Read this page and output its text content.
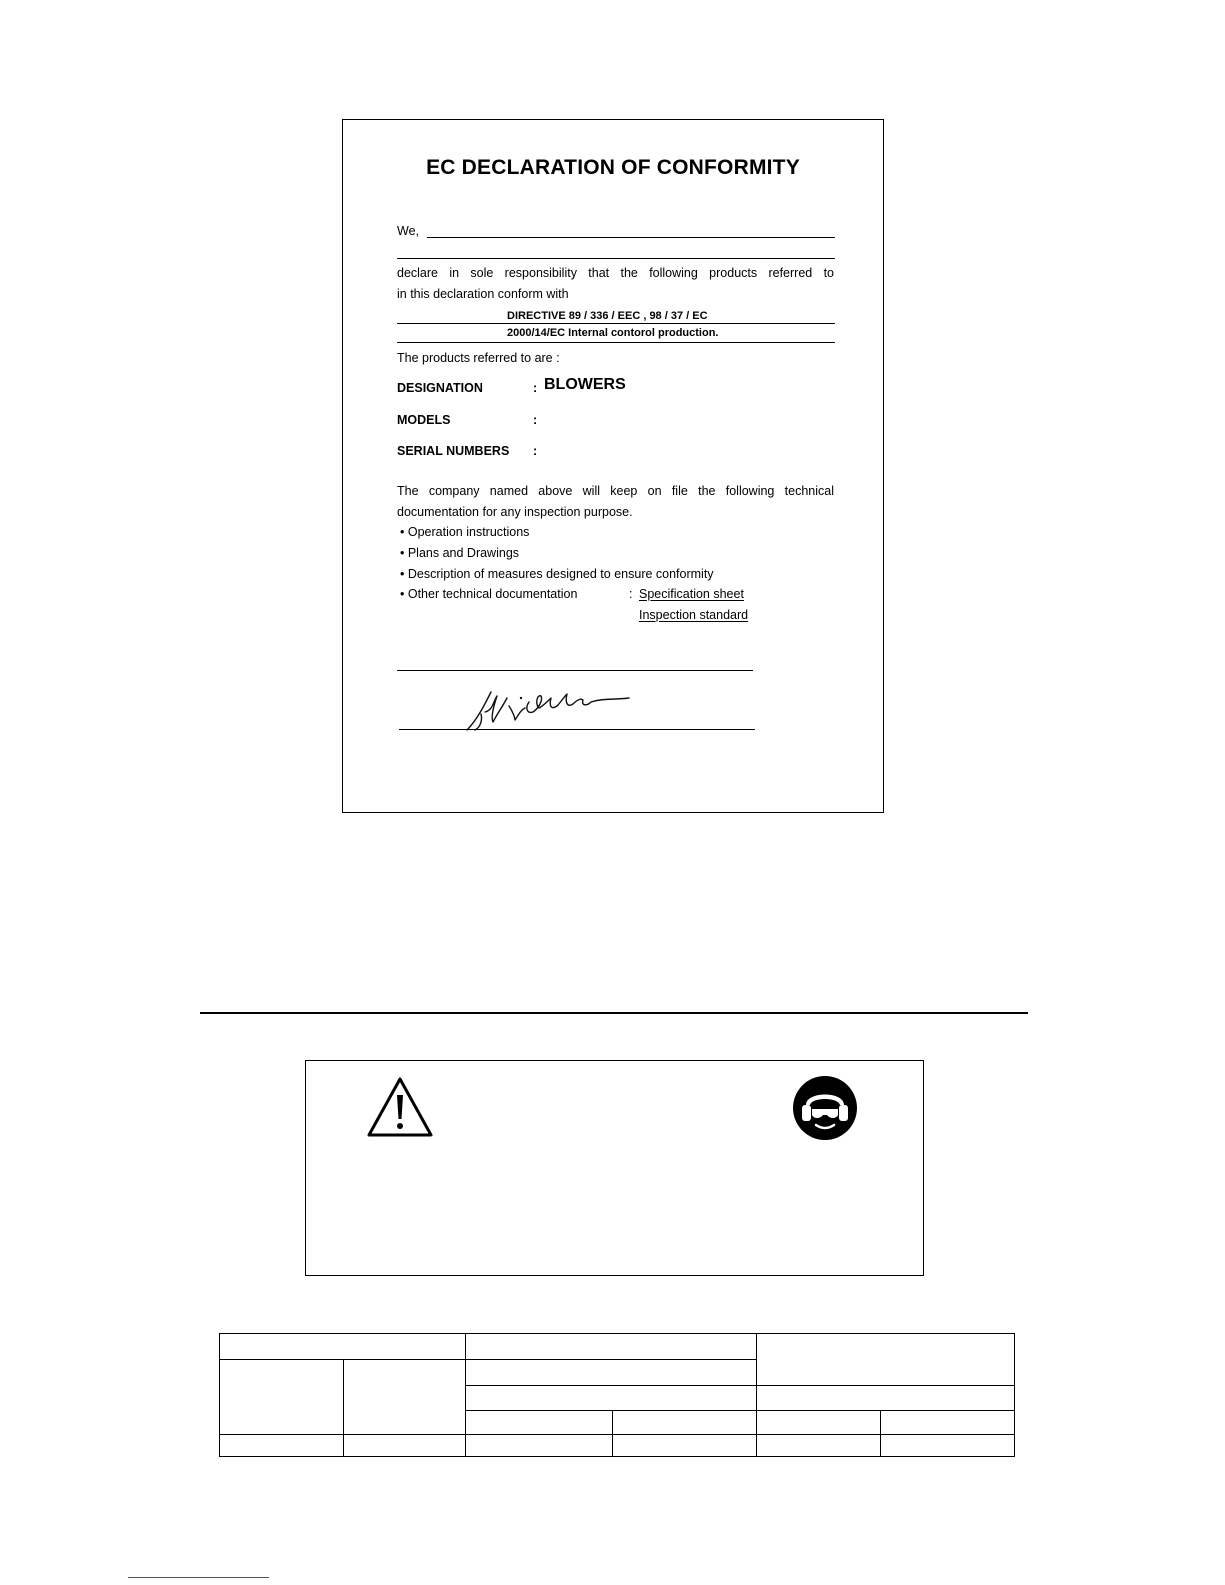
EC DECLARATION OF CONFORMITY
We,
declare in sole responsibility that the following products referred to
in this declaration conform with
DIRECTIVE 89 / 336 / EEC , 98 / 37 / EC
2000/14/EC Internal contorol production.
The products referred to are :
DESIGNATION	: BLOWERS
MODELS	:
SERIAL NUMBERS :
The company named above will keep on file the following technical
documentation for any inspection purpose.
• Operation instructions
• Plans and Drawings
• Description of measures designed to ensure conformity
• Other technical documentation	: Specification sheet
Inspection standard
